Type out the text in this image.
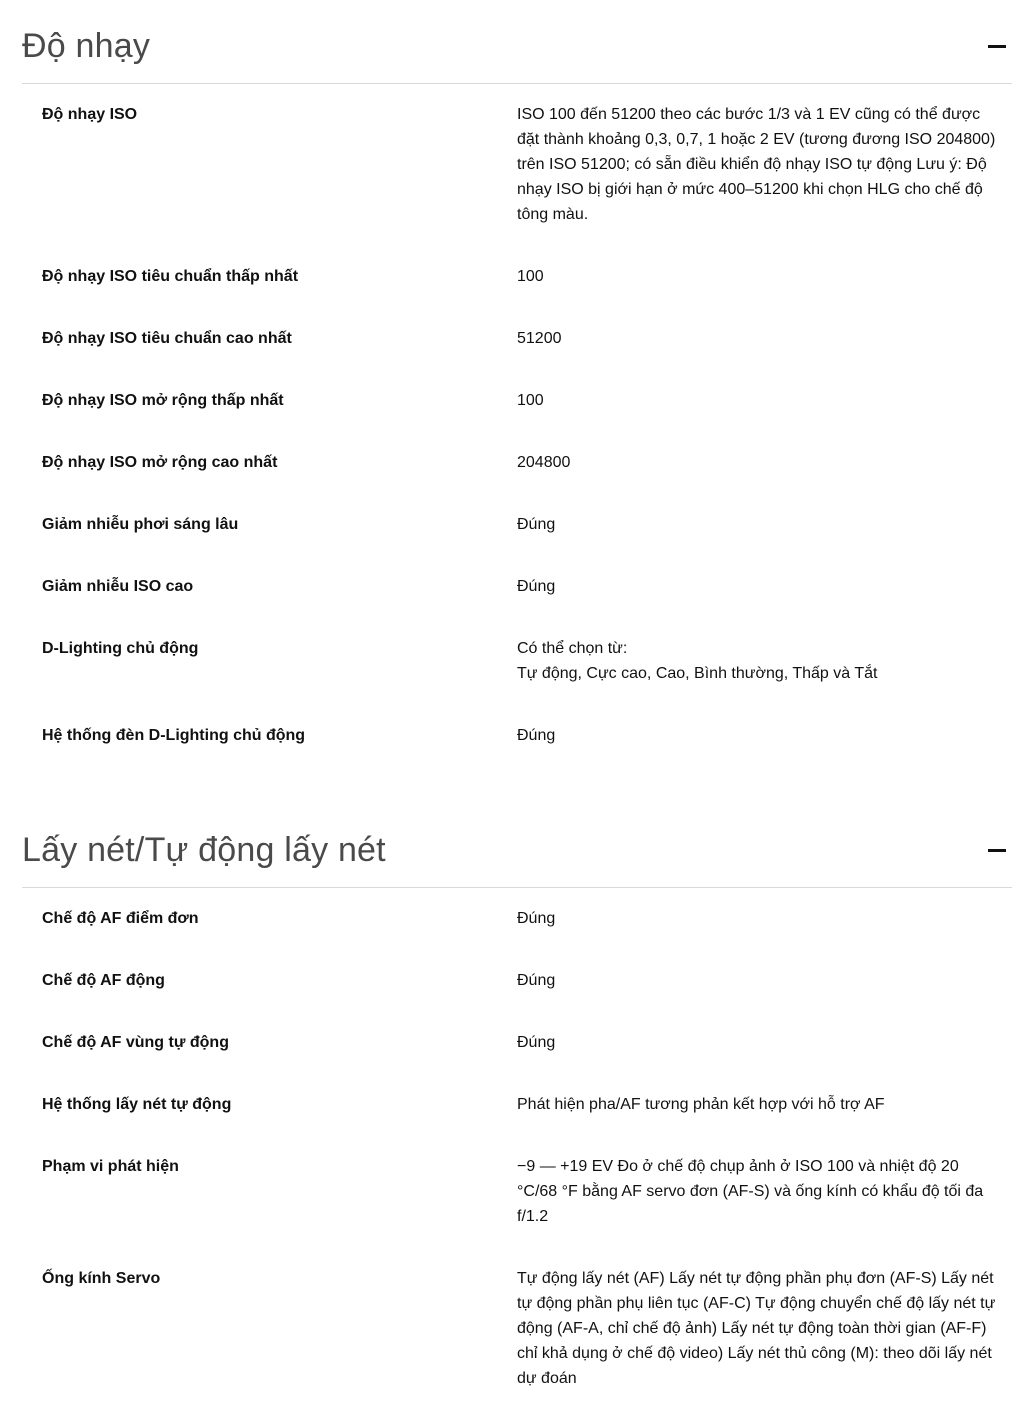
Độ nhạy
Độ nhạy ISO	ISO 100 đến 51200 theo các bước 1/3 và 1 EV cũng có thể được đặt thành khoảng 0,3, 0,7, 1 hoặc 2 EV (tương đương ISO 204800) trên ISO 51200; có sẵn điều khiển độ nhạy ISO tự động Lưu ý: Độ nhạy ISO bị giới hạn ở mức 400–51200 khi chọn HLG cho chế độ tông màu.
Độ nhạy ISO tiêu chuẩn thấp nhất	100
Độ nhạy ISO tiêu chuẩn cao nhất	51200
Độ nhạy ISO mở rộng thấp nhất	100
Độ nhạy ISO mở rộng cao nhất	204800
Giảm nhiễu phơi sáng lâu	Đúng
Giảm nhiễu ISO cao	Đúng
D-Lighting chủ động	Có thể chọn từ:
Tự động, Cực cao, Cao, Bình thường, Thấp và Tắt
Hệ thống đèn D-Lighting chủ động	Đúng
Lấy nét/Tự động lấy nét
Chế độ AF điểm đơn	Đúng
Chế độ AF động	Đúng
Chế độ AF vùng tự động	Đúng
Hệ thống lấy nét tự động	Phát hiện pha/AF tương phản kết hợp với hỗ trợ AF
Phạm vi phát hiện	−9 — +19 EV Đo ở chế độ chụp ảnh ở ISO 100 và nhiệt độ 20 °C/68 °F bằng AF servo đơn (AF-S) và ống kính có khẩu độ tối đa f/1.2
Ống kính Servo	Tự động lấy nét (AF) Lấy nét tự động phần phụ đơn (AF-S) Lấy nét tự động phần phụ liên tục (AF-C) Tự động chuyển chế độ lấy nét tự động (AF-A, chỉ chế độ ảnh) Lấy nét tự động toàn thời gian (AF-F) chỉ khả dụng ở chế độ video) Lấy nét thủ công (M): theo dõi lấy nét dự đoán
